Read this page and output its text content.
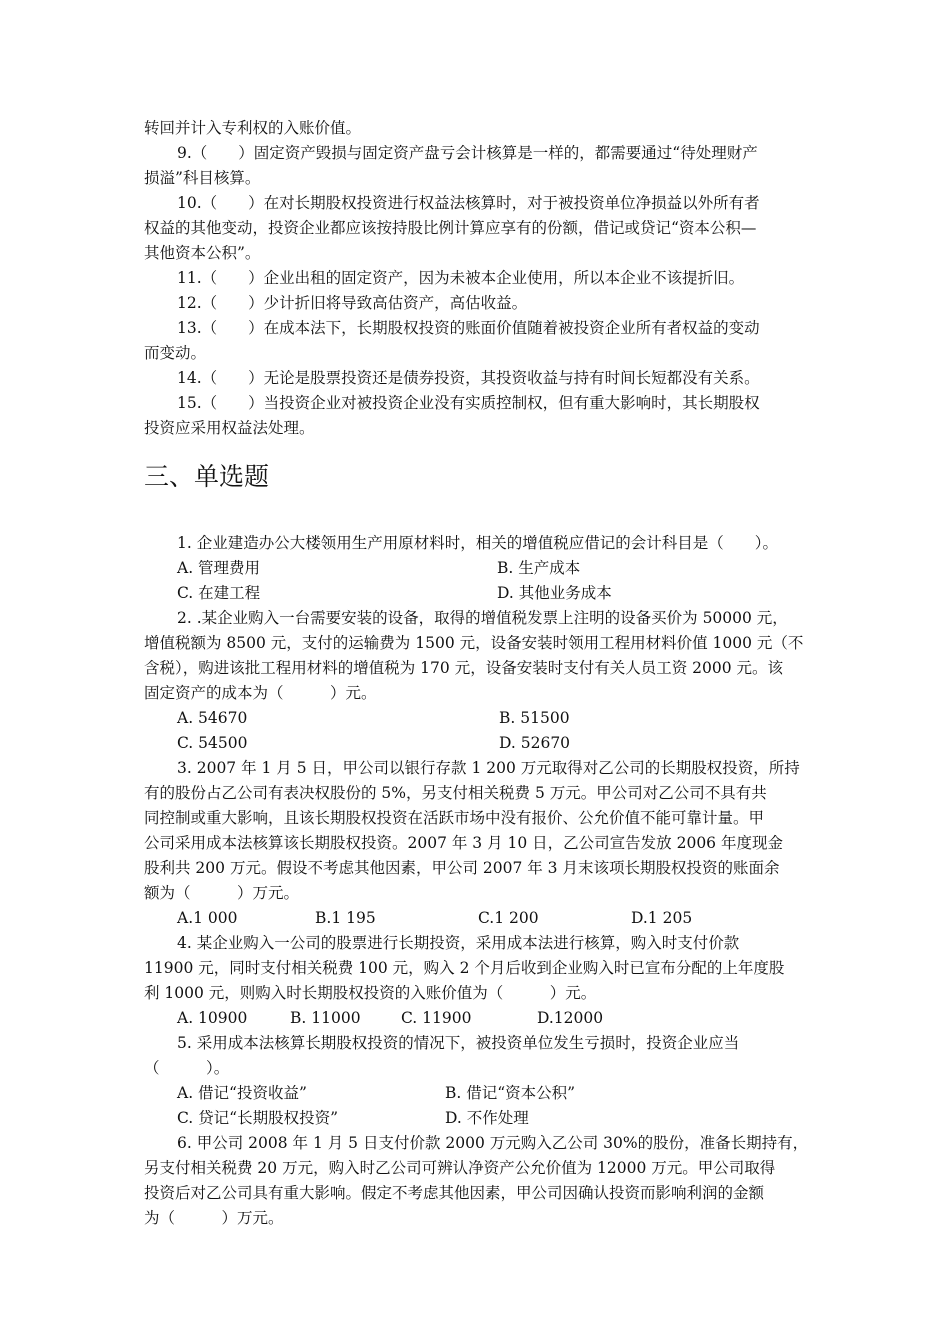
转回并计入专利权的入账价值。
9.（　　）固定资产毁损与固定资产盘亏会计核算是一样的，都需要通过“待处理财产
损溢”科目核算。
10.（　　）在对长期股权投资进行权益法核算时，对于被投资单位净损益以外所有者
权益的其他变动，投资企业都应该按持股比例计算应享有的份额，借记或贷记“资本公积—
其他资本公积”。
11.（　　）企业出租的固定资产，因为未被本企业使用，所以本企业不该提折旧。
12.（　　）少计折旧将导致高估资产，高估收益。
13.（　　）在成本法下，长期股权投资的账面价值随着被投资企业所有者权益的变动
而变动。
14.（　　）无论是股票投资还是债券投资，其投资收益与持有时间长短都没有关系。
15.（　　）当投资企业对被投资企业没有实质控制权，但有重大影响时，其长期股权
投资应采用权益法处理。
三、单选题
1. 企业建造办公大楼领用生产用原材料时，相关的增值税应借记的会计科目是（　　）。
A. 管理费用	B. 生产成本
C. 在建工程	D. 其他业务成本
2. .某企业购入一台需要安装的设备，取得的增值税发票上注明的设备买价为 50000 元，
增值税额为 8500 元，支付的运输费为 1500 元，设备安装时领用工程用材料价值 1000 元（不
含税），购进该批工程用材料的增值税为 170 元，设备安装时支付有关人员工资 2000 元。该
固定资产的成本为（　　　）元。
A. 54670	B. 51500
C. 54500	D. 52670
3. 2007 年 1 月 5 日，甲公司以银行存款 1 200 万元取得对乙公司的长期股权投资，所持
有的股份占乙公司有表决权股份的 5%，另支付相关税费 5 万元。甲公司对乙公司不具有共
同控制或重大影响，且该长期股权投资在活跃市场中没有报价、公允价值不能可靠计量。甲
公司采用成本法核算该长期股权投资。2007 年 3 月 10 日，乙公司宣告发放 2006 年度现金
股利共 200 万元。假设不考虑其他因素，甲公司 2007 年 3 月末该项长期股权投资的账面余
额为（　　　）万元。
A.1 000	B.1 195	C.1 200	D.1 205
4. 某企业购入一公司的股票进行长期投资，采用成本法进行核算，购入时支付价款
11900 元，同时支付相关税费 100 元，购入 2 个月后收到企业购入时已宣布分配的上年度股
利 1000 元，则购入时长期股权投资的入账价值为（　　　）元。
A. 10900	B. 11000	C. 11900	D.12000
5. 采用成本法核算长期股权投资的情况下，被投资单位发生亏损时，投资企业应当
（　　　）。
A. 借记“投资收益”	B. 借记“资本公积”
C. 贷记“长期股权投资”	D. 不作处理
6. 甲公司 2008 年 1 月 5 日支付价款 2000 万元购入乙公司 30%的股份，准备长期持有，
另支付相关税费 20 万元，购入时乙公司可辨认净资产公允价值为 12000 万元。甲公司取得
投资后对乙公司具有重大影响。假定不考虑其他因素，甲公司因确认投资而影响利润的金额
为（　　　）万元。
